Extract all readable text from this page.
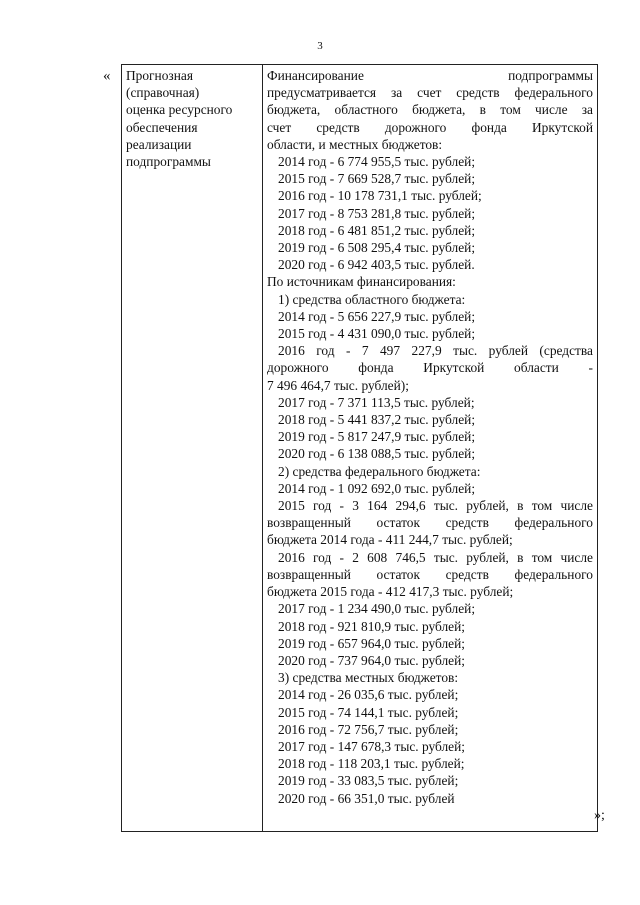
3
« Прогнозная
(справочная)
оценка ресурсного
обеспечения
реализации
подпрограммы

Финансирование подпрограммы
предусматривается за счет средств федерального
бюджета, областного бюджета, в том числе за
счет средств дорожного фонда Иркутской
области, и местных бюджетов:
2014 год - 6 774 955,5 тыс. рублей;
2015 год - 7 669 528,7 тыс. рублей;
2016 год - 10 178 731,1 тыс. рублей;
2017 год - 8 753 281,8 тыс. рублей;
2018 год - 6 481 851,2 тыс. рублей;
2019 год - 6 508 295,4 тыс. рублей;
2020 год - 6 942 403,5 тыс. рублей.
По источникам финансирования:
1) средства областного бюджета:
2014 год - 5 656 227,9 тыс. рублей;
2015 год - 4 431 090,0 тыс. рублей;
2016 год - 7 497 227,9 тыс. рублей (средства
дорожного фонда Иркутской области -
7 496 464,7 тыс. рублей);
2017 год - 7 371 113,5 тыс. рублей;
2018 год - 5 441 837,2 тыс. рублей;
2019 год - 5 817 247,9 тыс. рублей;
2020 год - 6 138 088,5 тыс. рублей;
2) средства федерального бюджета:
2014 год - 1 092 692,0 тыс. рублей;
2015 год - 3 164 294,6 тыс. рублей, в том числе
возвращенный остаток средств федерального
бюджета 2014 года - 411 244,7 тыс. рублей;
2016 год - 2 608 746,5 тыс. рублей, в том числе
возвращенный остаток средств федерального
бюджета 2015 года - 412 417,3 тыс. рублей;
2017 год - 1 234 490,0 тыс. рублей;
2018 год - 921 810,9 тыс. рублей;
2019 год - 657 964,0 тыс. рублей;
2020 год - 737 964,0 тыс. рублей;
3) средства местных бюджетов:
2014 год - 26 035,6 тыс. рублей;
2015 год - 74 144,1 тыс. рублей;
2016 год - 72 756,7 тыс. рублей;
2017 год - 147 678,3 тыс. рублей;
2018 год - 118 203,1 тыс. рублей;
2019 год - 33 083,5 тыс. рублей;
2020 год - 66 351,0 тыс. рублей
»;
